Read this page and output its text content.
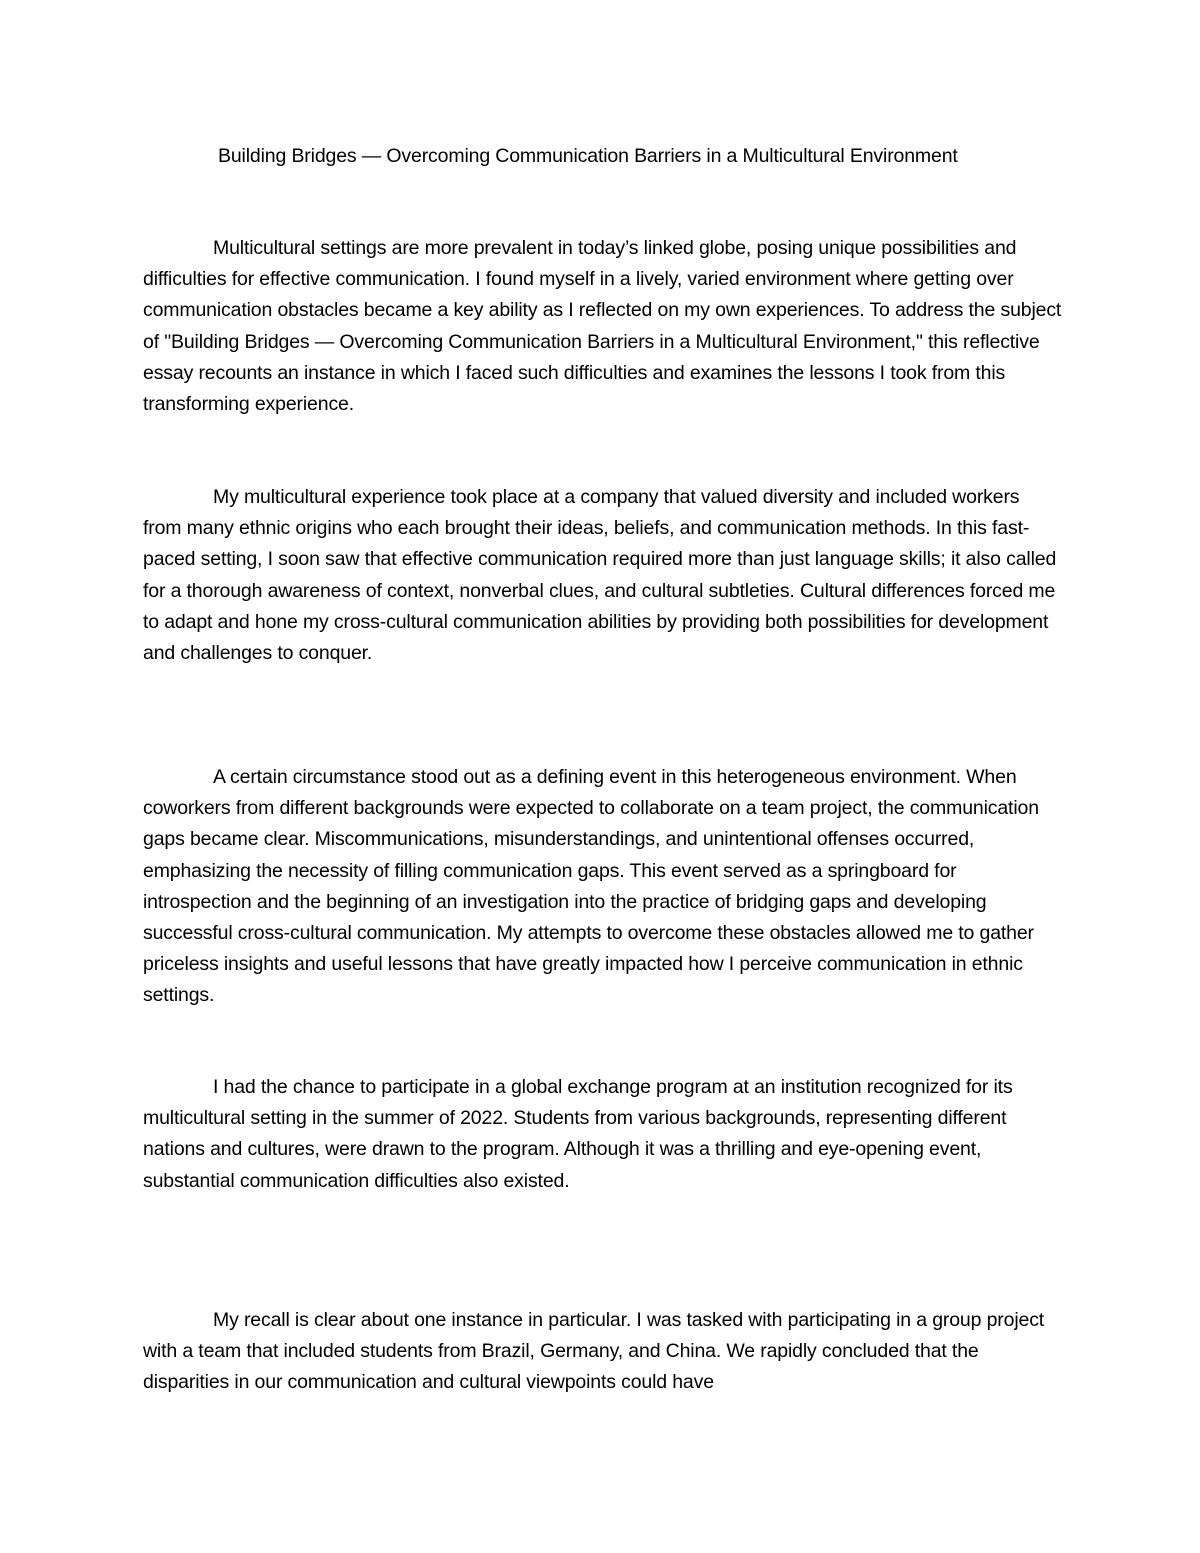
Building Bridges — Overcoming Communication Barriers in a Multicultural Environment

Multicultural settings are more prevalent in today’s linked globe, posing unique possibilities and difficulties for effective communication. I found myself in a lively, varied environment where getting over communication obstacles became a key ability as I reflected on my own experiences. To address the subject of "Building Bridges — Overcoming Communication Barriers in a Multicultural Environment," this reflective essay recounts an instance in which I faced such difficulties and examines the lessons I took from this transforming experience.

My multicultural experience took place at a company that valued diversity and included workers from many ethnic origins who each brought their ideas, beliefs, and communication methods. In this fast-paced setting, I soon saw that effective communication required more than just language skills; it also called for a thorough awareness of context, nonverbal clues, and cultural subtleties. Cultural differences forced me to adapt and hone my cross-cultural communication abilities by providing both possibilities for development and challenges to conquer.

A certain circumstance stood out as a defining event in this heterogeneous environment. When coworkers from different backgrounds were expected to collaborate on a team project, the communication gaps became clear. Miscommunications, misunderstandings, and unintentional offenses occurred, emphasizing the necessity of filling communication gaps. This event served as a springboard for introspection and the beginning of an investigation into the practice of bridging gaps and developing successful cross-cultural communication. My attempts to overcome these obstacles allowed me to gather priceless insights and useful lessons that have greatly impacted how I perceive communication in ethnic settings.

I had the chance to participate in a global exchange program at an institution recognized for its multicultural setting in the summer of 2022. Students from various backgrounds, representing different nations and cultures, were drawn to the program. Although it was a thrilling and eye-opening event, substantial communication difficulties also existed.

My recall is clear about one instance in particular. I was tasked with participating in a group project with a team that included students from Brazil, Germany, and China. We rapidly concluded that the disparities in our communication and cultural viewpoints could have
